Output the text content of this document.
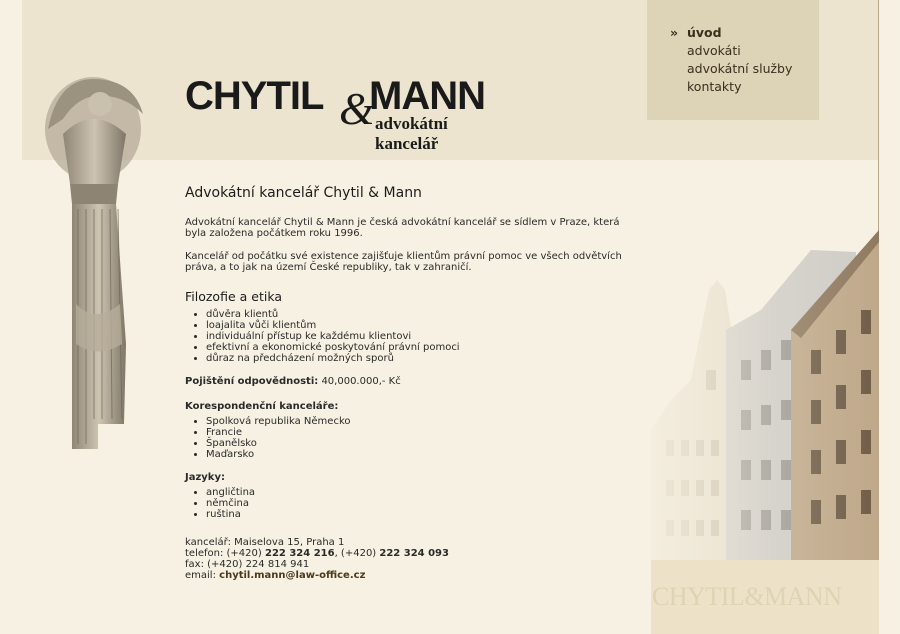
» úvod
advokáti
advokátní služby
kontakty
CHYTIL &
MANN
advokátní kancelář
Advokátní kancelář Chytil & Mann

Advokátní kancelář Chytil & Mann je česká advokátní kancelář se sídlem v Praze, která byla založena počátkem roku 1996.

Kancelář od počátku své existence zajišťuje klientům právní pomoc ve všech odvětvích práva, a to jak na území České republiky, tak v zahraničí.

Filozofie a etika
• důvěra klientů
• loajalita vůči klientům
• individuální přístup ke každému klientovi
• efektivní a ekonomické poskytování právní pomoci
• důraz na předcházení možných sporů

Pojištění odpovědnosti: 40,000.000,- Kč

Korespondenční kanceláře:
• Spolková republika Německo
• Francie
• Španělsko
• Maďarsko
Jazyky:
• angličtina
• němčina
• ruština
kancelář: Maiselova 15, Praha 1
telefon: (+420) 222 324 216, (+420) 222 324 093
fax: (+420) 224 814 941
email: chytil.mann@law-office.cz
CHYTIL&MANN
